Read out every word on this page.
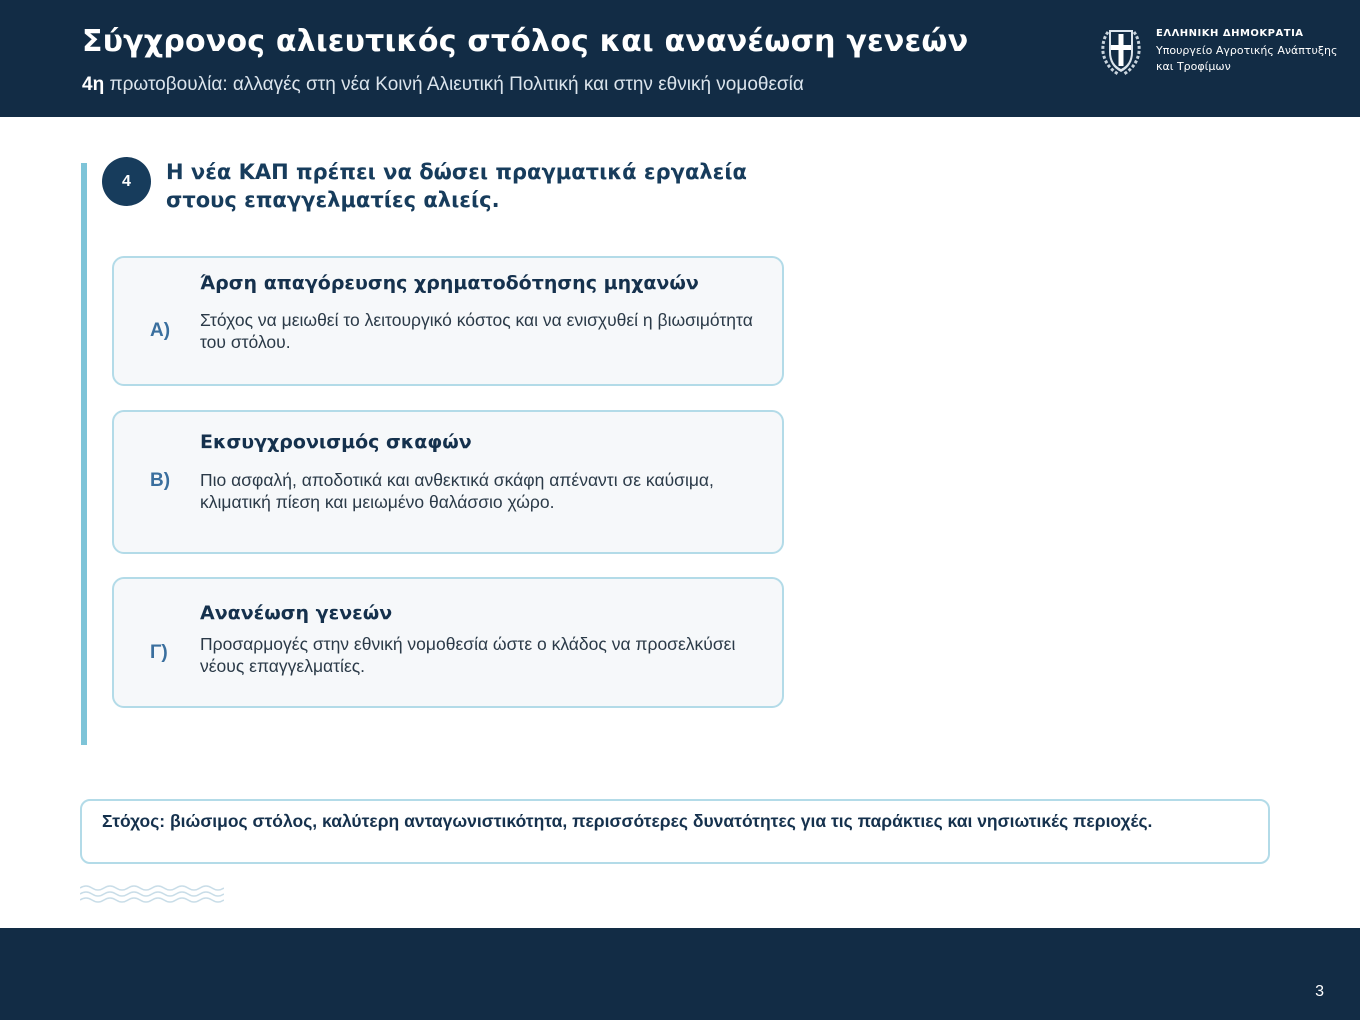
Σύγχρονος αλιευτικός στόλος και ανανέωση γενεών
4η πρωτοβουλία: αλλαγές στη νέα Κοινή Αλιευτική Πολιτική και στην εθνική νομοθεσία
ΕΛΛΗΝΙΚΗ ΔΗΜΟΚΡΑΤΙΑ
Υπουργείο Αγροτικής Ανάπτυξης
και Τροφίμων
4	Η νέα ΚΑΠ πρέπει να δώσει πραγματικά εργαλεία στους επαγγελματίες αλιείς.
Α)
Άρση απαγόρευσης χρηματοδότησης μηχανών
Στόχος να μειωθεί το λειτουργικό κόστος και να ενισχυθεί η βιωσιμότητα του στόλου.
Β)
Εκσυγχρονισμός σκαφών
Πιο ασφαλή, αποδοτικά και ανθεκτικά σκάφη απέναντι σε καύσιμα, κλιματική πίεση και μειωμένο θαλάσσιο χώρο.
Γ)
Ανανέωση γενεών
Προσαρμογές στην εθνική νομοθεσία ώστε ο κλάδος να προσελκύσει νέους επαγγελματίες.
Στόχος: βιώσιμος στόλος, καλύτερη ανταγωνιστικότητα, περισσότερες δυνατότητες για τις παράκτιες και νησιωτικές περιοχές.
3
